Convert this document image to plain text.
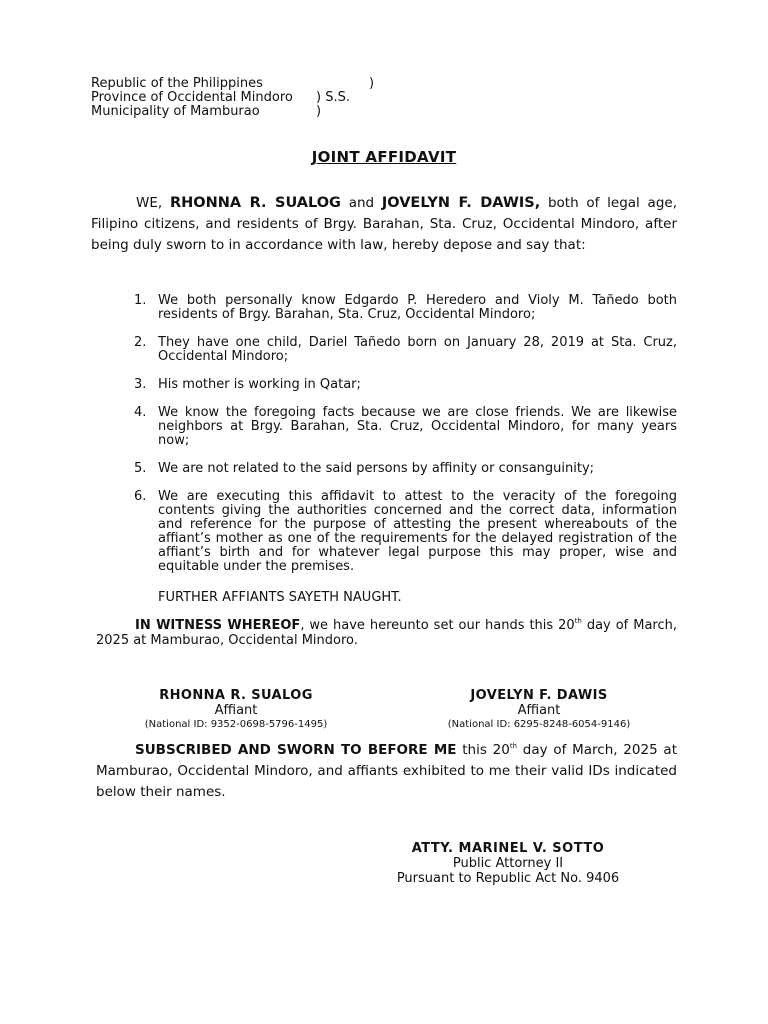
Republic of the Philippines	)
Province of Occidental Mindoro ) S.S.
Municipality of Mamburao	)
JOINT AFFIDAVIT

WE, RHONNA R. SUALOG and JOVELYN F. DAWIS, both of legal age, Filipino citizens, and residents of Brgy. Barahan, Sta. Cruz, Occidental Mindoro, after being duly sworn to in accordance with law, hereby depose and say that:

1. We both personally know Edgardo P. Heredero and Violy M. Tañedo both residents of Brgy. Barahan, Sta. Cruz, Occidental Mindoro;
2. They have one child, Dariel Tañedo born on January 28, 2019 at Sta. Cruz, Occidental Mindoro;
3. His mother is working in Qatar;
4. We know the foregoing facts because we are close friends. We are likewise neighbors at Brgy. Barahan, Sta. Cruz, Occidental Mindoro, for many years now;
5. We are not related to the said persons by affinity or consanguinity;
6. We are executing this affidavit to attest to the veracity of the foregoing contents giving the authorities concerned and the correct data, information and reference for the purpose of attesting the present whereabouts of the affiant’s mother as one of the requirements for the delayed registration of the affiant’s birth and for whatever legal purpose this may proper, wise and equitable under the premises.
FURTHER AFFIANTS SAYETH NAUGHT.

IN WITNESS WHEREOF, we have hereunto set our hands this 20th day of March, 2025 at Mamburao, Occidental Mindoro.

RHONNA R. SUALOG
Affiant
(National ID: 9352-0698-5796-1495)
JOVELYN F. DAWIS
Affiant
(National ID: 6295-8248-6054-9146)

SUBSCRIBED AND SWORN TO BEFORE ME this 20th day of March, 2025 at Mamburao, Occidental Mindoro, and affiants exhibited to me their valid IDs indicated below their names.

ATTY. MARINEL V. SOTTO
Public Attorney II
Pursuant to Republic Act No. 9406
